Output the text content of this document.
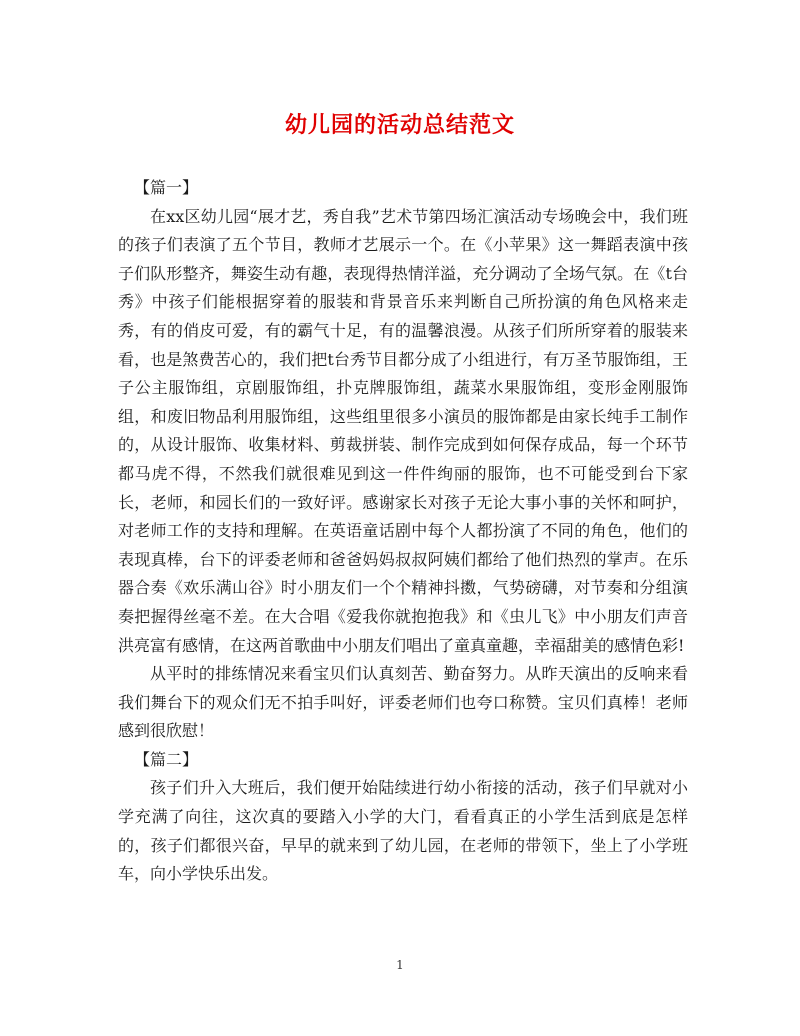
幼儿园的活动总结范文

【篇一】

在xx区幼儿园“展才艺，秀自我”艺术节第四场汇演活动专场晚会中，我们班的孩子们表演了五个节目，教师才艺展示一个。在《小苹果》这一舞蹈表演中孩子们队形整齐，舞姿生动有趣，表现得热情洋溢，充分调动了全场气氛。在《t台秀》中孩子们能根据穿着的服装和背景音乐来判断自己所扮演的角色风格来走秀，有的俏皮可爱，有的霸气十足，有的温馨浪漫。从孩子们所所穿着的服装来看，也是煞费苦心的，我们把t台秀节目都分成了小组进行，有万圣节服饰组，王子公主服饰组，京剧服饰组，扑克牌服饰组，蔬菜水果服饰组，变形金刚服饰组，和废旧物品利用服饰组，这些组里很多小演员的服饰都是由家长纯手工制作的，从设计服饰、收集材料、剪裁拼装、制作完成到如何保存成品，每一个环节都马虎不得，不然我们就很难见到这一件件绚丽的服饰，也不可能受到台下家长，老师，和园长们的一致好评。感谢家长对孩子无论大事小事的关怀和呵护，对老师工作的支持和理解。在英语童话剧中每个人都扮演了不同的角色，他们的表现真棒，台下的评委老师和爸爸妈妈叔叔阿姨们都给了他们热烈的掌声。在乐器合奏《欢乐满山谷》时小朋友们一个个精神抖擞，气势磅礴，对节奏和分组演奏把握得丝毫不差。在大合唱《爱我你就抱抱我》和《虫儿飞》中小朋友们声音洪亮富有感情，在这两首歌曲中小朋友们唱出了童真童趣，幸福甜美的感情色彩!

从平时的排练情况来看宝贝们认真刻苦、勤奋努力。从昨天演出的反响来看我们舞台下的观众们无不拍手叫好，评委老师们也夸口称赞。宝贝们真棒！老师感到很欣慰！

【篇二】

孩子们升入大班后，我们便开始陆续进行幼小衔接的活动，孩子们早就对小学充满了向往，这次真的要踏入小学的大门，看看真正的小学生活到底是怎样的，孩子们都很兴奋，早早的就来到了幼儿园，在老师的带领下，坐上了小学班车，向小学快乐出发。

1
